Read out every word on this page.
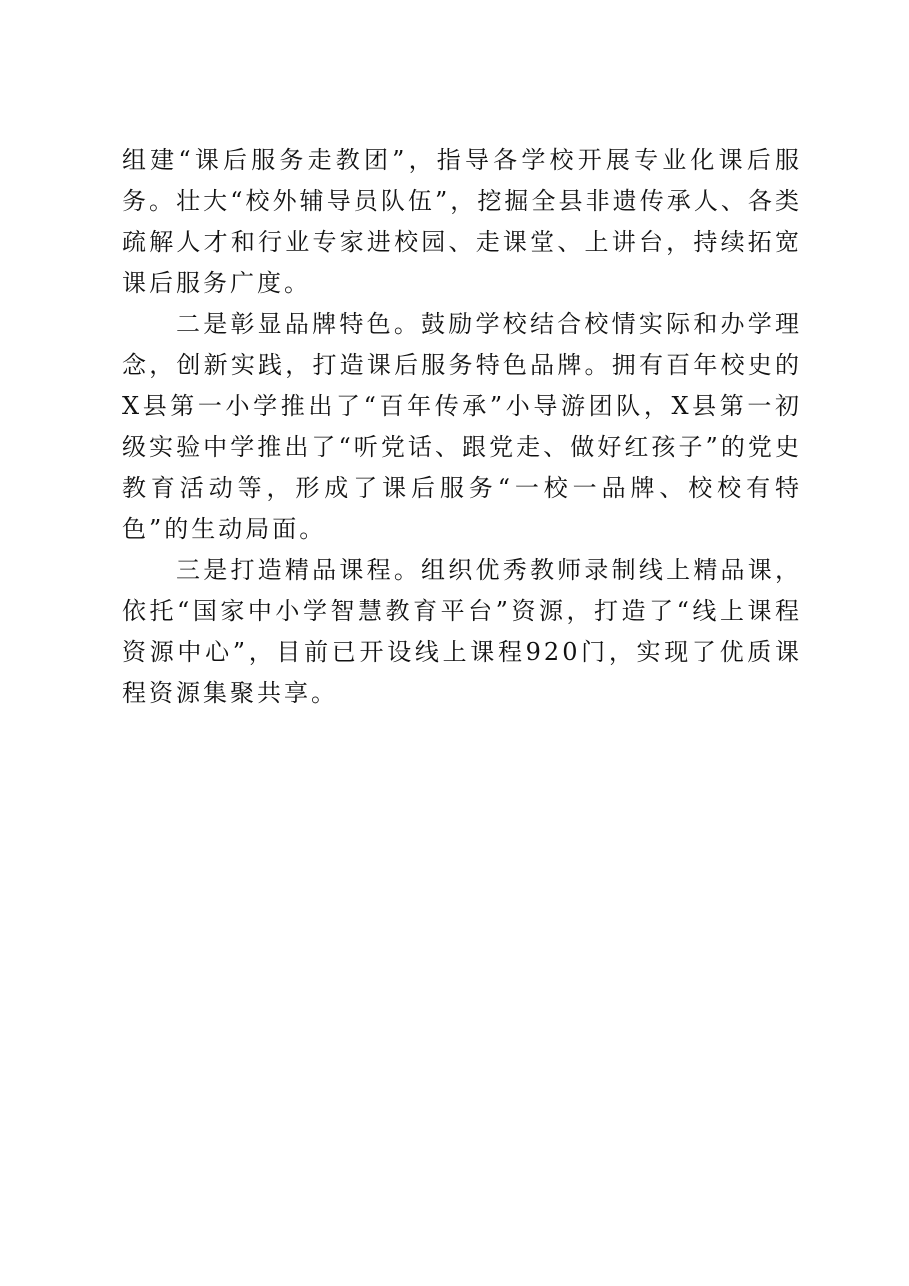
组建“课后服务走教团”，指导各学校开展专业化课后服务。壮大“校外辅导员队伍”，挖掘全县非遗传承人、各类疏解人才和行业专家进校园、走课堂、上讲台，持续拓宽课后服务广度。

二是彰显品牌特色。鼓励学校结合校情实际和办学理念，创新实践，打造课后服务特色品牌。拥有百年校史的X县第一小学推出了“百年传承”小导游团队，X县第一初级实验中学推出了“听党话、跟党走、做好红孩子”的党史教育活动等，形成了课后服务“一校一品牌、校校有特色”的生动局面。

三是打造精品课程。组织优秀教师录制线上精品课，依托“国家中小学智慧教育平台”资源，打造了“线上课程资源中心”，目前已开设线上课程920门，实现了优质课程资源集聚共享。
